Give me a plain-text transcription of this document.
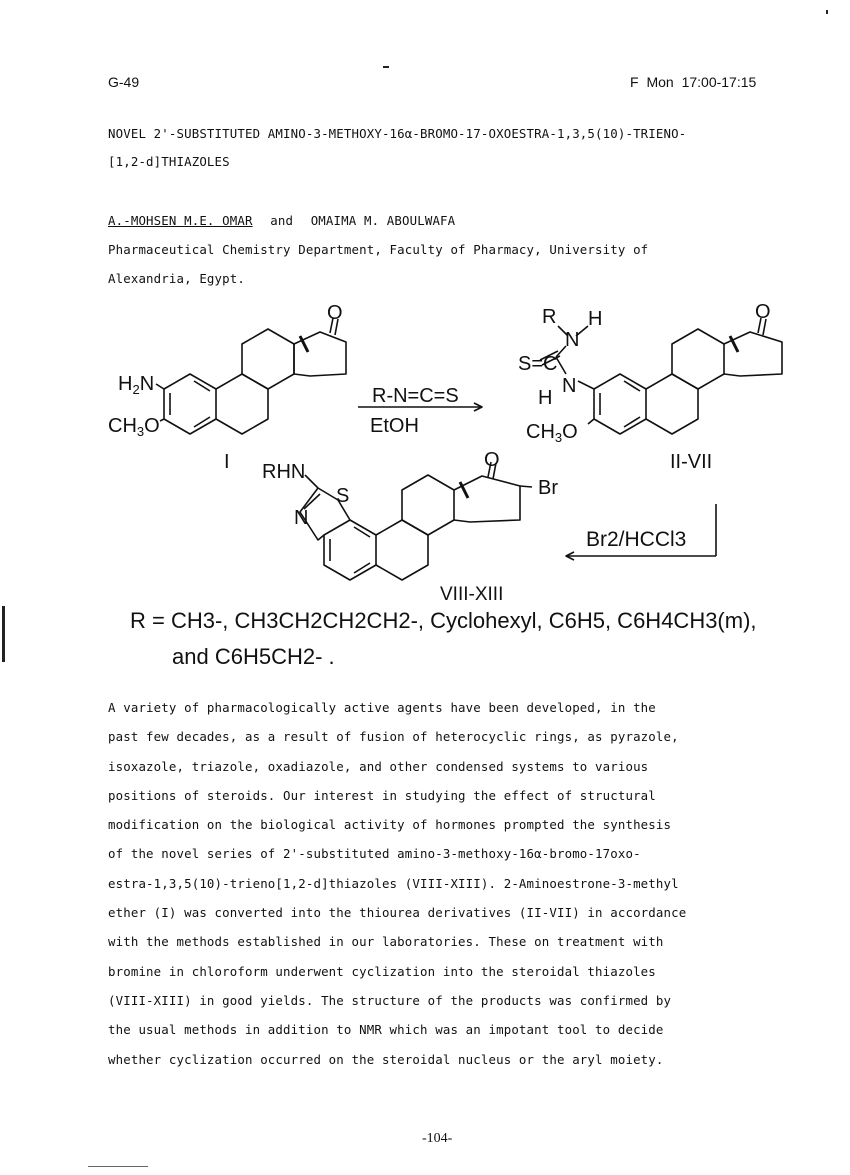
G-49	F Mon 17:00-17:15
NOVEL 2'-SUBSTITUTED AMINO-3-METHOXY-16α-BROMO-17-OXOESTRA-1,3,5(10)-TRIENO-
[1,2-d]THIAZOLES
A.-MOHSEN M.E. OMAR and OMAIMA M. ABOULWAFA
Pharmaceutical Chemistry Department, Faculty of Pharmacy, University of
Alexandria, Egypt.
$H_2N$
$CH_3O$
O	O
O
R H
N
S=C
H
N
$CH_3O$
RHN
S
N
Br
I	II-VII
VIII-XIII
R-N=C=S
EtOH
Br2/HCCl3
R = CH3-, CH3CH2CH2CH2-, Cyclohexyl, C6H5, C6H4CH3(m),
and C6H5CH2- .
A variety of pharmacologically active agents have been developed, in the
past few decades, as a result of fusion of heterocyclic rings, as pyrazole,
isoxazole, triazole, oxadiazole, and other condensed systems to various
positions of steroids. Our interest in studying the effect of structural
modification on the biological activity of hormones prompted the synthesis
of the novel series of 2'-substituted amino-3-methoxy-16α-bromo-17oxo-
estra-1,3,5(10)-trieno[1,2-d]thiazoles (VIII-XIII). 2-Aminoestrone-3-methyl
ether (I) was converted into the thiourea derivatives (II-VII) in accordance
with the methods established in our laboratories. These on treatment with
bromine in chloroform underwent cyclization into the steroidal thiazoles
(VIII-XIII) in good yields. The structure of the products was confirmed by
the usual methods in addition to NMR which was an impotant tool to decide
whether cyclization occurred on the steroidal nucleus or the aryl moiety.
-104-
